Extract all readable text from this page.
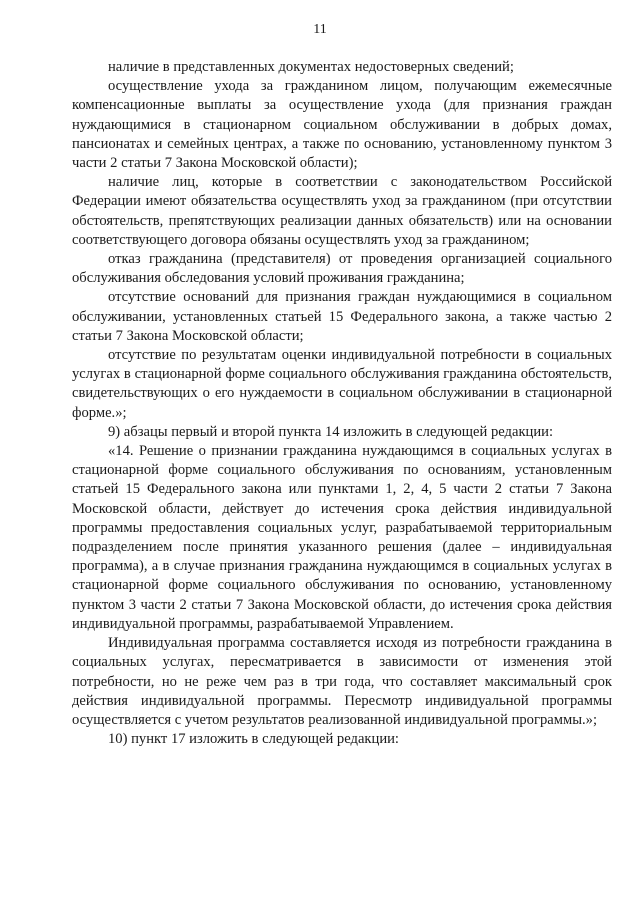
11

наличие в представленных документах недостоверных сведений;

осуществление ухода за гражданином лицом, получающим ежемесячные компенсационные выплаты за осуществление ухода (для признания граждан нуждающимися в стационарном социальном обслуживании в добрых домах, пансионатах и семейных центрах, а также по основанию, установленному пунктом 3 части 2 статьи 7 Закона Московской области);

наличие лиц, которые в соответствии с законодательством Российской Федерации имеют обязательства осуществлять уход за гражданином (при отсутствии обстоятельств, препятствующих реализации данных обязательств) или на основании соответствующего договора обязаны осуществлять уход за гражданином;

отказ гражданина (представителя) от проведения организацией социального обслуживания обследования условий проживания гражданина;

отсутствие оснований для признания граждан нуждающимися в социальном обслуживании, установленных статьей 15 Федерального закона, а также частью 2 статьи 7 Закона Московской области;

отсутствие по результатам оценки индивидуальной потребности в социальных услугах в стационарной форме социального обслуживания гражданина обстоятельств, свидетельствующих о его нуждаемости в социальном обслуживании в стационарной форме.»;

9) абзацы первый и второй пункта 14 изложить в следующей редакции:

«14. Решение о признании гражданина нуждающимся в социальных услугах в стационарной форме социального обслуживания по основаниям, установленным статьей 15 Федерального закона или пунктами 1, 2, 4, 5 части 2 статьи 7 Закона Московской области, действует до истечения срока действия индивидуальной программы предоставления социальных услуг, разрабатываемой территориальным подразделением после принятия указанного решения (далее – индивидуальная программа), а в случае признания гражданина нуждающимся в социальных услугах в стационарной форме социального обслуживания по основанию, установленному пунктом 3 части 2 статьи 7 Закона Московской области, до истечения срока действия индивидуальной программы, разрабатываемой Управлением.

Индивидуальная программа составляется исходя из потребности гражданина в социальных услугах, пересматривается в зависимости от изменения этой потребности, но не реже чем раз в три года, что составляет максимальный срок действия индивидуальной программы. Пересмотр индивидуальной программы осуществляется с учетом результатов реализованной индивидуальной программы.»;

10) пункт 17 изложить в следующей редакции:
